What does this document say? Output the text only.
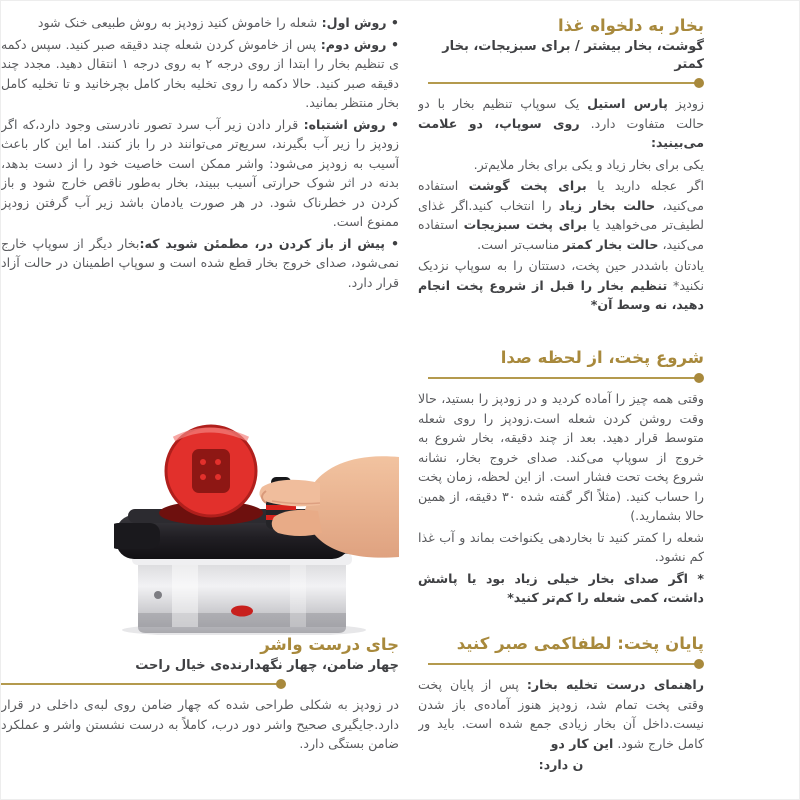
بخار به دلخواه غذا
گوشت، بخار بیشتر / برای سبزیجات، بخار کمتر

زودپز پارس استیل یک سوپاپ تنظیم بخار با دو حالت متفاوت دارد. روی سوپاپ، دو علامت می‌بینید:

یکی برای بخار زیاد و یکی برای بخار ملایم‌تر.

اگر عجله دارید یا برای پخت گوشت استفاده می‌کنید، حالت بخار زیاد را انتخاب کنید.اگر غذای لطیف‌تر می‌خواهید یا برای پخت سبزیجات استفاده می‌کنید، حالت بخار کمتر مناسب‌تر است.

یادتان باشددر حین پخت، دستتان را به سوپاپ نزدیک نکنید* تنظیم بخار را قبل از شروع پخت انجام دهید، نه وسط آن*

شروع پخت، از لحظه صدا

وقتی همه چیز را آماده کردید و در زودپز را بستید، حالا وقت روشن کردن شعله است.زودپز را روی شعله متوسط قرار دهید. بعد از چند دقیقه، بخار شروع به خروج از سوپاپ می‌کند. صدای خروج بخار، نشانه شروع پخت تحت فشار است. از این لحظه، زمان پخت را حساب کنید. (مثلاً اگر گفته شده ۳۰ دقیقه، از همین حالا بشمارید.)

شعله را کمتر کنید تا بخاردهی یکنواخت بماند و آب غذا کم نشود.

* اگر صدای بخار خیلی زیاد بود یا پاشش داشت، کمی شعله را کم‌تر کنید*

پایان پخت: لطفاکمی صبر کنید

راهنمای درست تخلیه بخار: پس از پایان پخت وقتی پخت تمام شد، زودپز هنوز آماده‌ی باز شدن نیست.داخل آن بخار زیادی جمع شده است. باید ور کامل خارج شود. این کار دو

ن دارد:

• روش اول: شعله را خاموش کنید زودپز به روش طبیعی خنک شود

• روش دوم: پس از خاموش کردن شعله چند دقیقه صبر کنید. سپس دکمه ی تنظیم بخار را ابتدا از روی درجه ۲ به روی درجه ۱ انتقال دهید. مجدد چند دقیقه صبر کنید. حالا دکمه را روی تخلیه بخار کامل بچرخانید و تا تخلیه کامل بخار منتظر بمانید.

• روش اشتباه: قرار دادن زیر آب سرد تصور نادرستی وجود دارد،که اگر زودپز را زیر آب بگیرند، سریع‌تر می‌توانند در را باز کنند. اما این کار باعث آسیب به زودپز می‌شود: واشر ممکن است خاصیت خود را از دست بدهد، بدنه در اثر شوک حرارتی آسیب ببیند، بخار به‌طور ناقص خارج شود و باز کردن در خطرناک شود. در هر صورت یادمان باشد زیر آب گرفتن زودپز ممنوع است.

• پیش از باز کردن در، مطمئن شوید که:بخار دیگر از سوپاپ خارج نمی‌شود، صدای خروج بخار قطع شده است و سوپاپ اطمینان در حالت آزاد قرار دارد.

جای درست واشر
چهار ضامن، چهار نگهدارنده‌ی خیال راحت

در زودپز به شکلی طراحی شده که چهار ضامن روی لبه‌ی داخلی در قرار دارد.جایگیری صحیح واشر دور درب، کاملاً به درست نشستن واشر و عملکرد ضامن بستگی دارد.
